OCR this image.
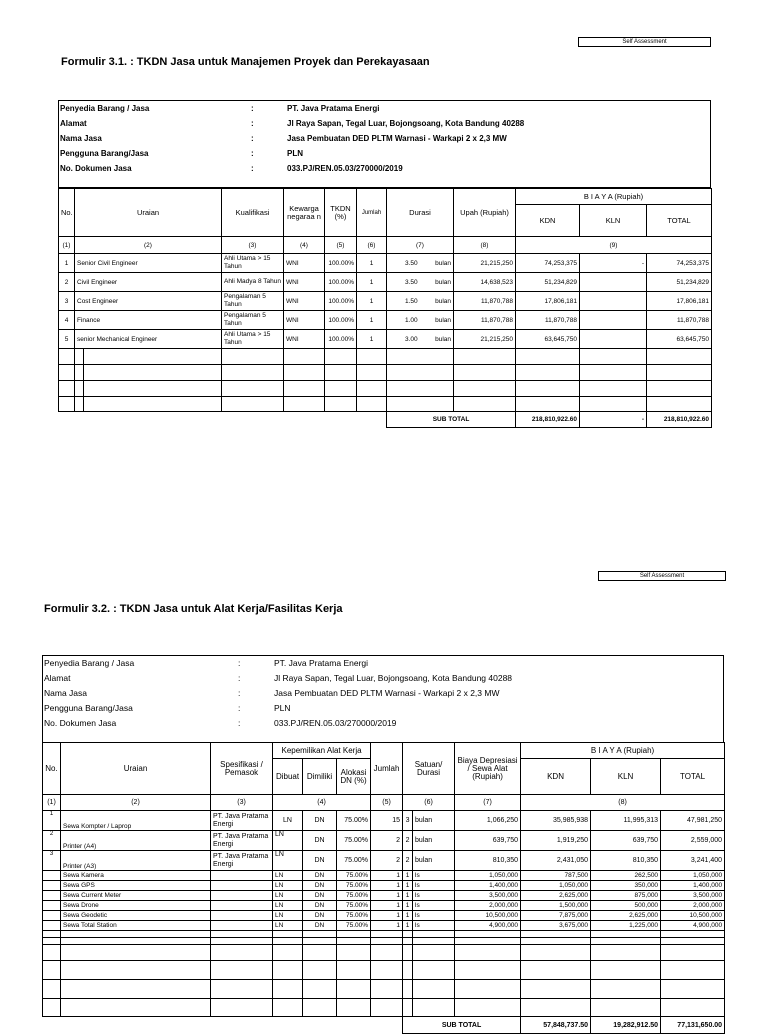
Self Assessment
Formulir 3.1. : TKDN Jasa untuk Manajemen Proyek dan Perekayasaan
Penyedia Barang / Jasa	:	PT. Java Pratama Energi
Alamat	:	Jl Raya Sapan, Tegal Luar, Bojongsoang, Kota Bandung 40288
Nama Jasa	:	Jasa Pembuatan DED PLTM Warnasi - Warkapi 2 x 2,3 MW
Pengguna Barang/Jasa	:	PLN
No. Dokumen Jasa	:	033.PJ/REN.05.03/270000/2019
No.	Uraian		Kualifikasi	Kewarga negaraa n	TKDN (%)	Jumlah	Durasi	Upah (Rupiah)	B I A Y A (Rupiah)		
									KDN	KLN	TOTAL
(1)	(2)		(3)	(4)	(5)	(6)	(7)	(8)	(9)		
1	Senior Civil Engineer		Ahli Utama > 15 Tahun	WNI	100.00%	1	3.50 bulan	21,215,250	74,253,375	-	74,253,375
2	Civil Engineer		Ahli Madya 8 Tahun	WNI	100.00%	1	3.50 bulan	14,638,523	51,234,829		51,234,829
3	Cost Engineer		Pengalaman 5 Tahun	WNI	100.00%	1	1.50 bulan	11,870,788	17,806,181		17,806,181
4	Finance		Pengalaman 5 Tahun	WNI	100.00%	1	1.00 bulan	11,870,788	11,870,788		11,870,788
5	senior Mechanical Engineer		Ahli Utama > 15 Tahun	WNI	100.00%	1	3.00 bulan	21,215,250	63,645,750		63,645,750

							SUB TOTAL		218,810,922.60	-	218,810,922.60
Self Assessment
Formulir 3.2. : TKDN Jasa untuk Alat Kerja/Fasilitas Kerja
Penyedia Barang / Jasa	:	PT. Java Pratama Energi
Alamat	:	Jl Raya Sapan, Tegal Luar, Bojongsoang, Kota Bandung 40288
Nama Jasa	:	Jasa Pembuatan DED PLTM Warnasi - Warkapi 2 x 2,3 MW
Pengguna Barang/Jasa	:	PLN
No. Dokumen Jasa	:	033.PJ/REN.05.03/270000/2019
No.	Uraian	Spesifikasi / Pemasok	Kepemilikan Alat Kerja			Jumlah	Satuan/ Durasi		Biaya Depresiasi / Sewa Alat (Rupiah)	B I A Y A (Rupiah)		
			Dibuat	Dimiliki	Alokasi DN (%)					KDN	KLN	TOTAL
(1)	(2)	(3)	(4)			(5)	(6)		(7)	(8)		
1	Sewa Kompter / Laprop	PT. Java Pratama Energi	LN	DN	75.00%	15	3	bulan	1,066,250	35,985,938	11,995,313	47,981,250
2	Printer (A4)	PT. Java Pratama Energi	LN	DN	75.00%	2	2	bulan	639,750	1,919,250	639,750	2,559,000
3	Printer (A3)	PT. Java Pratama Energi	LN	DN	75.00%	2	2	bulan	810,350	2,431,050	810,350	3,241,400
	Sewa Kamera		LN	DN	75.00%	1	1	ls	1,050,000	787,500	262,500	1,050,000
	Sewa GPS		LN	DN	75.00%	1	1	ls	1,400,000	1,050,000	350,000	1,400,000
	Sewa Current Meter		LN	DN	75.00%	1	1	ls	3,500,000	2,625,000	875,000	3,500,000
	Sewa Drone		LN	DN	75.00%	1	1	ls	2,000,000	1,500,000	500,000	2,000,000
	Sewa Geodetic		LN	DN	75.00%	1	1	ls	10,500,000	7,875,000	2,625,000	10,500,000
	Sewa Total Station		LN	DN	75.00%	1	1	ls	4,900,000	3,675,000	1,225,000	4,900,000

							SUB TOTAL			57,848,737.50	19,282,912.50	77,131,650.00
